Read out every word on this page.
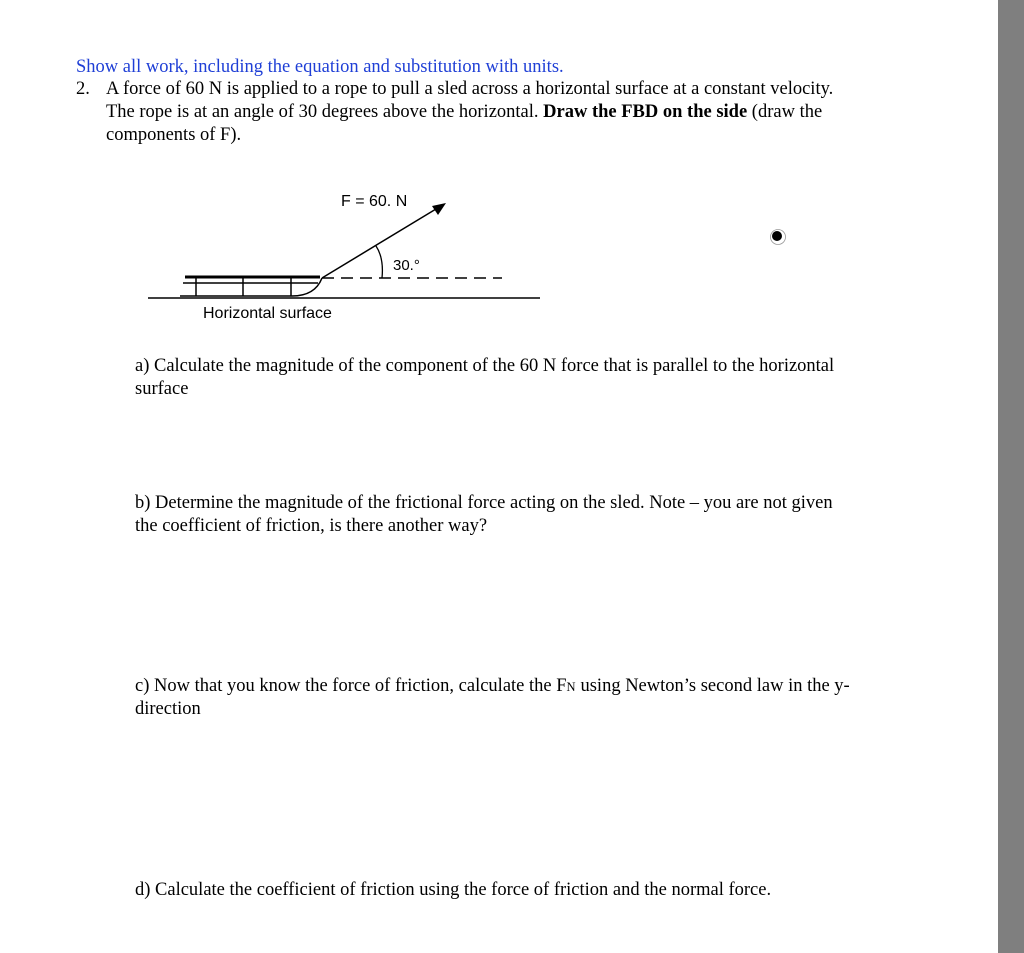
Show all work, including the equation and substitution with units.
2. A force of 60 N is applied to a rope to pull a sled across a horizontal surface at a constant velocity.
The rope is at an angle of 30 degrees above the horizontal. Draw the FBD on the side (draw the
components of F).
F = 60. N
30.°
Horizontal surface
a) Calculate the magnitude of the component of the 60 N force that is parallel to the horizontal
surface
b) Determine the magnitude of the frictional force acting on the sled. Note – you are not given
the coefficient of friction, is there another way?
c) Now that you know the force of friction, calculate the FN using Newton’s second law in the y-
direction
d) Calculate the coefficient of friction using the force of friction and the normal force.
